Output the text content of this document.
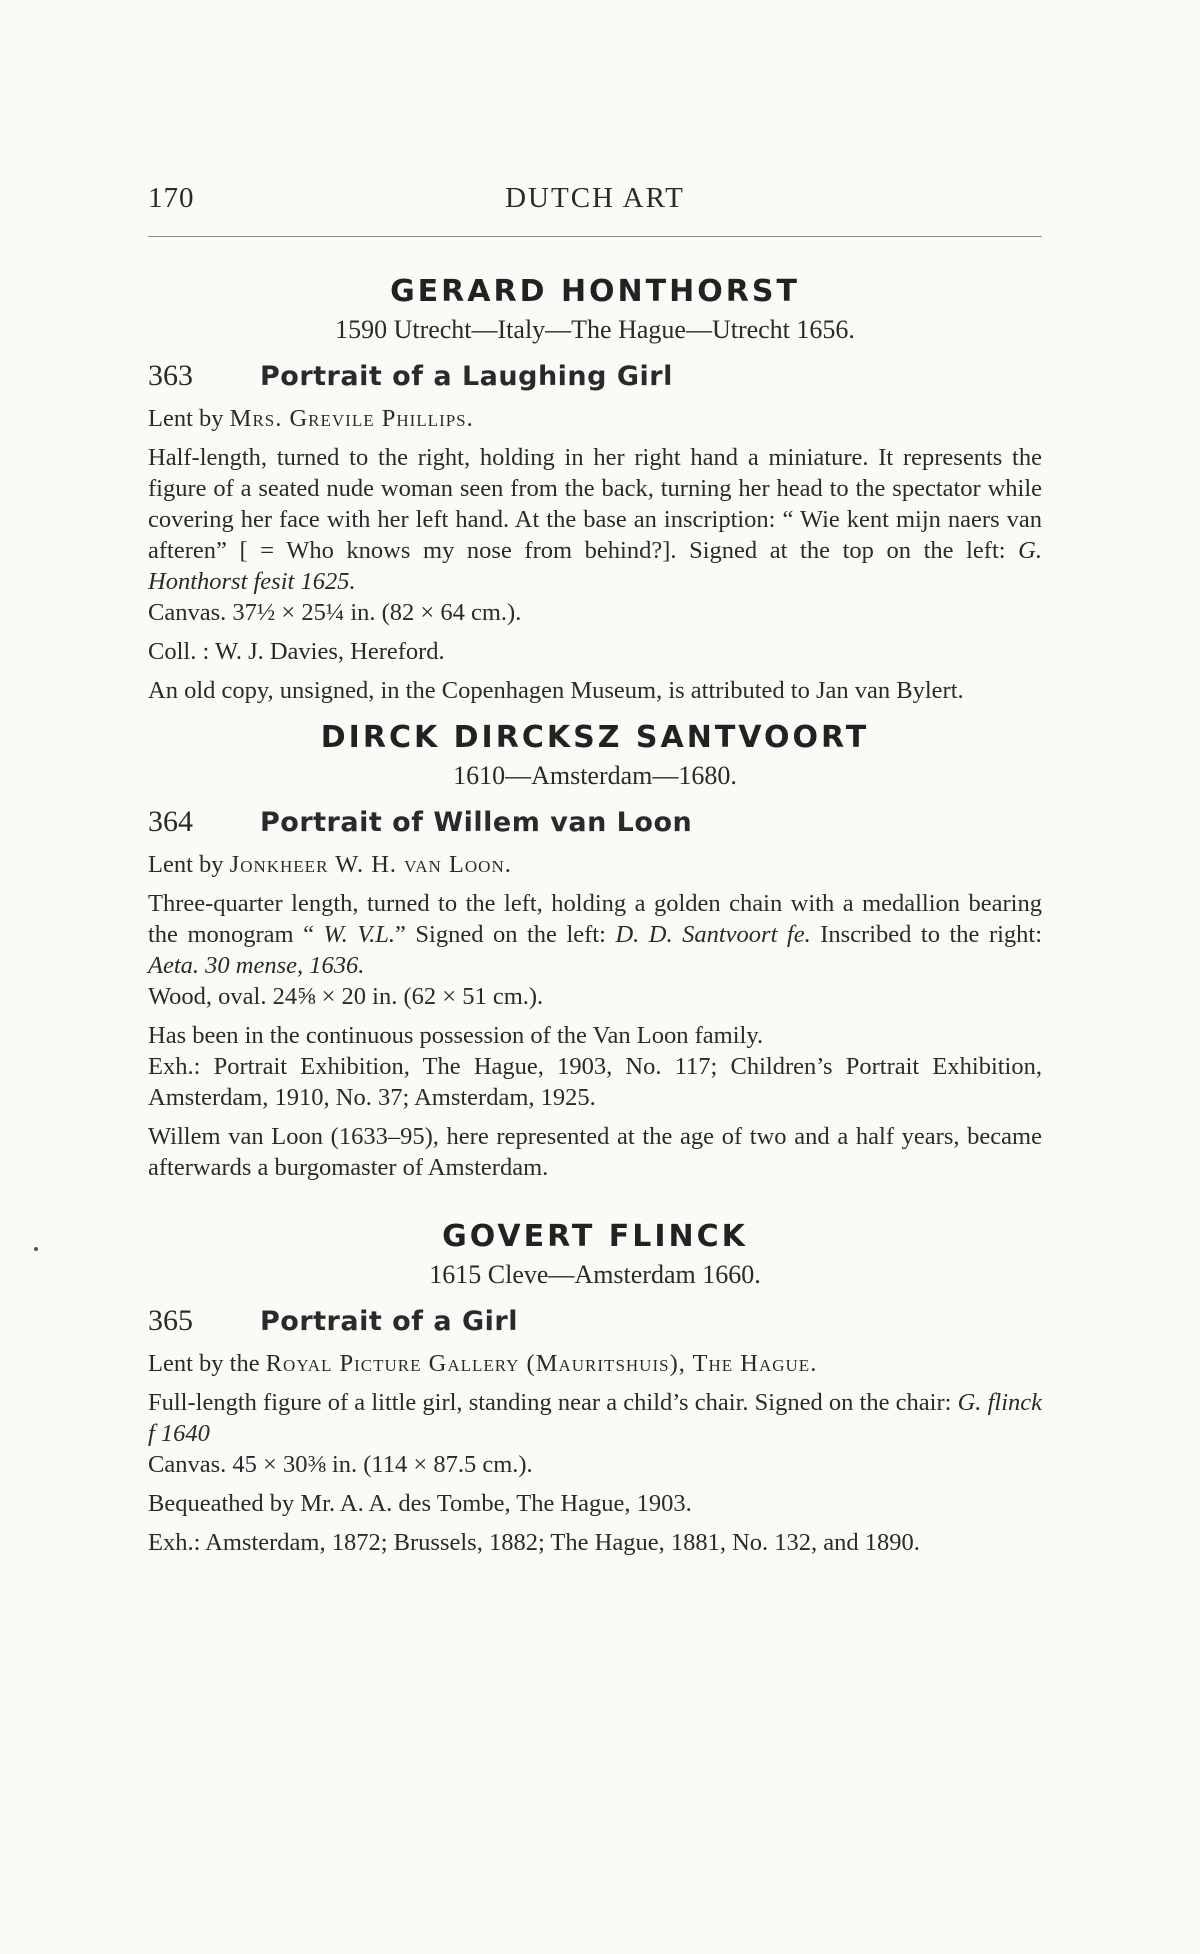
170	DUTCH ART
GERARD HONTHORST
1590 Utrecht—Italy—The Hague—Utrecht 1656.
363	Portrait of a Laughing Girl

Lent by Mrs. Grevile Phillips.

Half-length, turned to the right, holding in her right hand a miniature. It represents the figure of a seated nude woman seen from the back, turning her head to the spectator while covering her face with her left hand. At the base an inscription: “ Wie kent mijn naers van afteren” [ = Who knows my nose from behind?]. Signed at the top on the left: G. Honthorst fesit 1625.

Canvas. 37½ × 25¼ in. (82 × 64 cm.).

Coll. : W. J. Davies, Hereford.

An old copy, unsigned, in the Copenhagen Museum, is attributed to Jan van Bylert.

DIRCK DIRCKSZ SANTVOORT
1610—Amsterdam—1680.
364	Portrait of Willem van Loon

Lent by Jonkheer W. H. van Loon.

Three-quarter length, turned to the left, holding a golden chain with a medallion bearing the monogram “ W. V.L.” Signed on the left: D. D. Santvoort fe. Inscribed to the right: Aeta. 30 mense, 1636.

Wood, oval. 24⅝ × 20 in. (62 × 51 cm.).

Has been in the continuous possession of the Van Loon family.

Exh.: Portrait Exhibition, The Hague, 1903, No. 117; Children’s Portrait Exhibition, Amsterdam, 1910, No. 37; Amsterdam, 1925.

Willem van Loon (1633–95), here represented at the age of two and a half years, became afterwards a burgomaster of Amsterdam.

GOVERT FLINCK
1615 Cleve—Amsterdam 1660.
365	Portrait of a Girl

Lent by the Royal Picture Gallery (Mauritshuis), The Hague.

Full-length figure of a little girl, standing near a child’s chair. Signed on the chair: G. flinck f 1640

Canvas. 45 × 30⅜ in. (114 × 87.5 cm.).

Bequeathed by Mr. A. A. des Tombe, The Hague, 1903.

Exh.: Amsterdam, 1872; Brussels, 1882; The Hague, 1881, No. 132, and 1890.
